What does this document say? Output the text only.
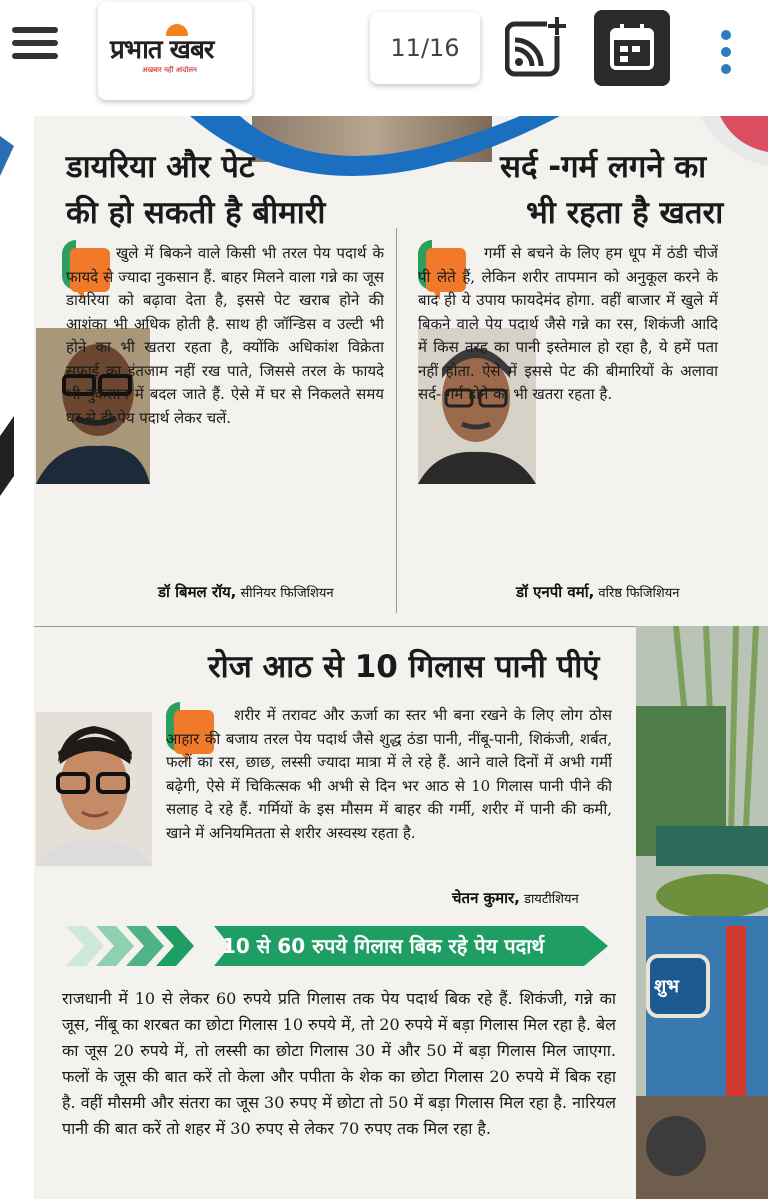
प्रभात खबर
अखबार नहीं आंदोलन
11/16
डायरिया और पेट
की हो सकती है बीमारी
खुले में बिकने वाले किसी भी तरल पेय पदार्थ के फायदे से ज्यादा नुकसान हैं. बाहर मिलने वाला गन्ने का जूस डायरिया को बढ़ावा देता है, इससे पेट खराब होने की आशंका भी अधिक होती है. साथ ही जॉन्डिस व उल्टी भी होने का भी खतरा रहता है, क्योंकि अधिकांश विक्रेता सफाई का इंतजाम नहीं रख पाते, जिससे तरल के फायदे भी नुकसान में बदल जाते हैं. ऐसे में घर से निकलते समय घर से ही पेय पदार्थ लेकर चलें.
डॉ बिमल रॉय, सीनियर फिजिशियन
सर्द -गर्म लगने का
भी रहता है खतरा
गर्मी से बचने के लिए हम धूप में ठंडी चीजें पी लेते हैं, लेकिन शरीर तापमान को अनुकूल करने के बाद ही ये उपाय फायदेमंद होगा. वहीं बाजार में खुले में बिकने वाले पेय पदार्थ जैसे गन्ने का रस, शिकंजी आदि में किस तरह का पानी इस्तेमाल हो रहा है, ये हमें पता नहीं होता. ऐसे में इससे पेट की बीमारियों के अलावा सर्द- गर्म होने का भी खतरा रहता है.
डॉ एनपी वर्मा, वरिष्ठ फिजिशियन
शुभ
रोज आठ से 10 गिलास पानी पीएं
शरीर में तरावट और ऊर्जा का स्तर भी बना रखने के लिए लोग ठोस आहार की बजाय तरल पेय पदार्थ जैसे शुद्ध ठंडा पानी, नींबू-पानी, शिकंजी, शर्बत, फलों का रस, छाछ, लस्सी ज्यादा मात्रा में ले रहे हैं. आने वाले दिनों में अभी गर्मी बढ़ेगी, ऐसे में चिकित्सक भी अभी से दिन भर आठ से 10 गिलास पानी पीने की सलाह दे रहे हैं. गर्मियों के इस मौसम में बाहर की गर्मी, शरीर में पानी की कमी, खाने में अनियमितता से शरीर अस्वस्थ रहता है.
चेतन कुमार, डायटीशियन
10 से 60 रुपये गिलास बिक रहे पेय पदार्थ
राजधानी में 10 से लेकर 60 रुपये प्रति गिलास तक पेय पदार्थ बिक रहे हैं. शिकंजी, गन्ने का जूस, नींबू का शरबत का छोटा गिलास 10 रुपये में, तो 20 रुपये में बड़ा गिलास मिल रहा है. बेल का जूस 20 रुपये में, तो लस्सी का छोटा गिलास 30 में और 50 में बड़ा गिलास मिल जाएगा. फलों के जूस की बात करें तो केला और पपीता के शेक का छोटा गिलास 20 रुपये में बिक रहा है. वहीं मौसमी और संतरा का जूस 30 रुपए में छोटा तो 50 में बड़ा गिलास मिल रहा है. नारियल पानी की बात करें तो शहर में 30 रुपए से लेकर 70 रुपए तक मिल रहा है.
